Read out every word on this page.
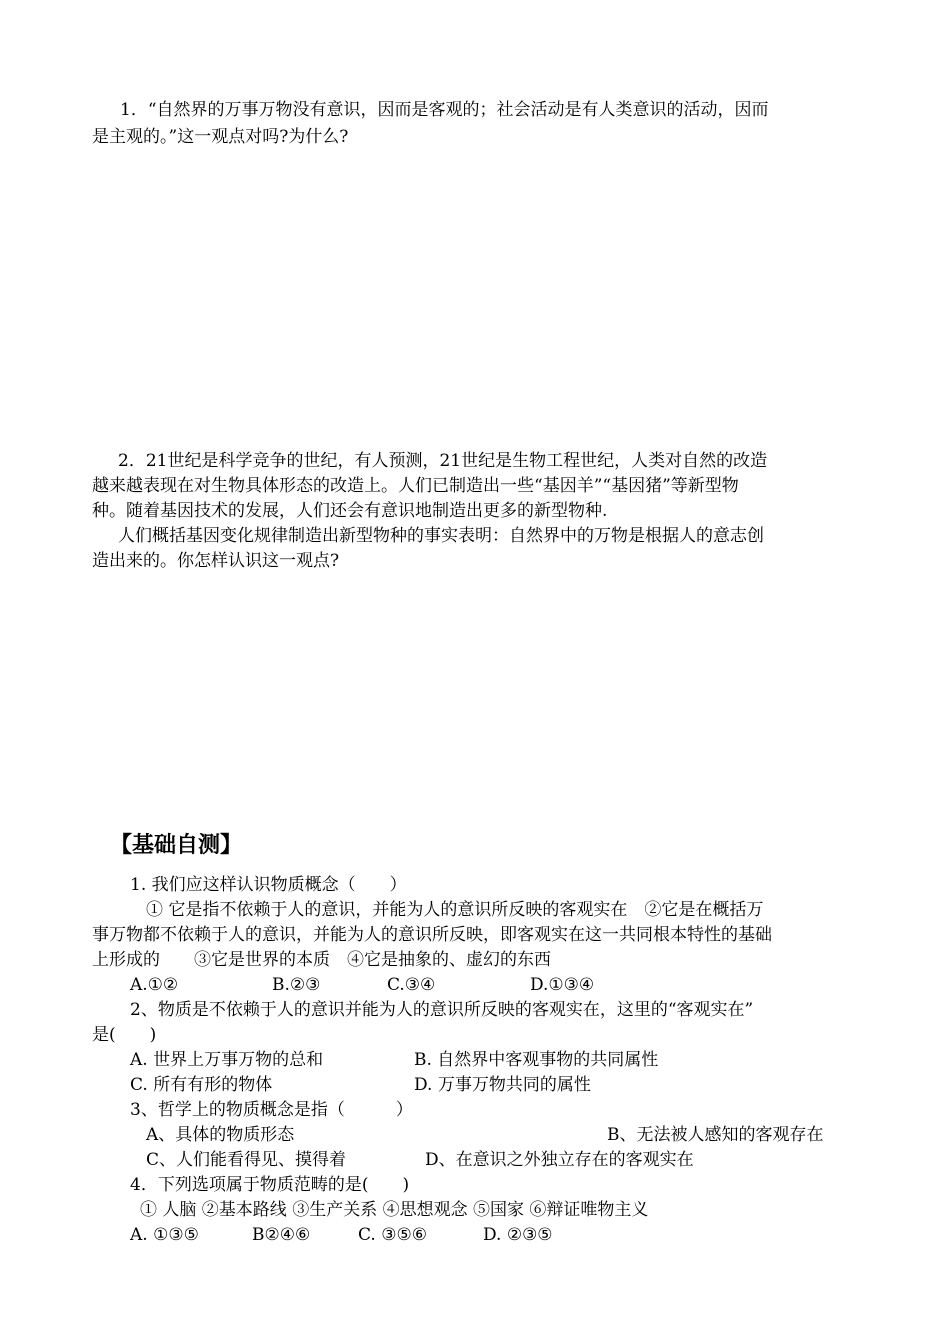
1．“自然界的万事万物没有意识，因而是客观的；社会活动是有人类意识的活动，因而
是主观的。”这一观点对吗?为什么?
2．21世纪是科学竞争的世纪，有人预测，21世纪是生物工程世纪，人类对自然的改造
越来越表现在对生物具体形态的改造上。人们已制造出一些“基因羊”“基因猪”等新型物
种。随着基因技术的发展，人们还会有意识地制造出更多的新型物种.
人们概括基因变化规律制造出新型物种的事实表明：自然界中的万物是根据人的意志创
造出来的。你怎样认识这一观点?
【基础自测】
1. 我们应这样认识物质概念（　　）
① 它是指不依赖于人的意识，并能为人的意识所反映的客观实在　②它是在概括万
事万物都不依赖于人的意识，并能为人的意识所反映，即客观实在这一共同根本特性的基础
上形成的　　③它是世界的本质　④它是抽象的、虚幻的东西
A.①②	B.②③	C.③④	D.①③④
2、物质是不依赖于人的意识并能为人的意识所反映的客观实在，这里的“客观实在”
是(　　)
A. 世界上万事万物的总和	B. 自然界中客观事物的共同属性
C. 所有有形的物体	D. 万事万物共同的属性
3、哲学上的物质概念是指（　　　）
A、具体的物质形态	B、无法被人感知的客观存在
C、人们能看得见、摸得着	D、在意识之外独立存在的客观实在
4．下列选项属于物质范畴的是(　　)
① 人脑 ②基本路线 ③生产关系 ④思想观念 ⑤国家 ⑥辩证唯物主义
A. ①③⑤	B②④⑥	C. ③⑤⑥	D. ②③⑤
